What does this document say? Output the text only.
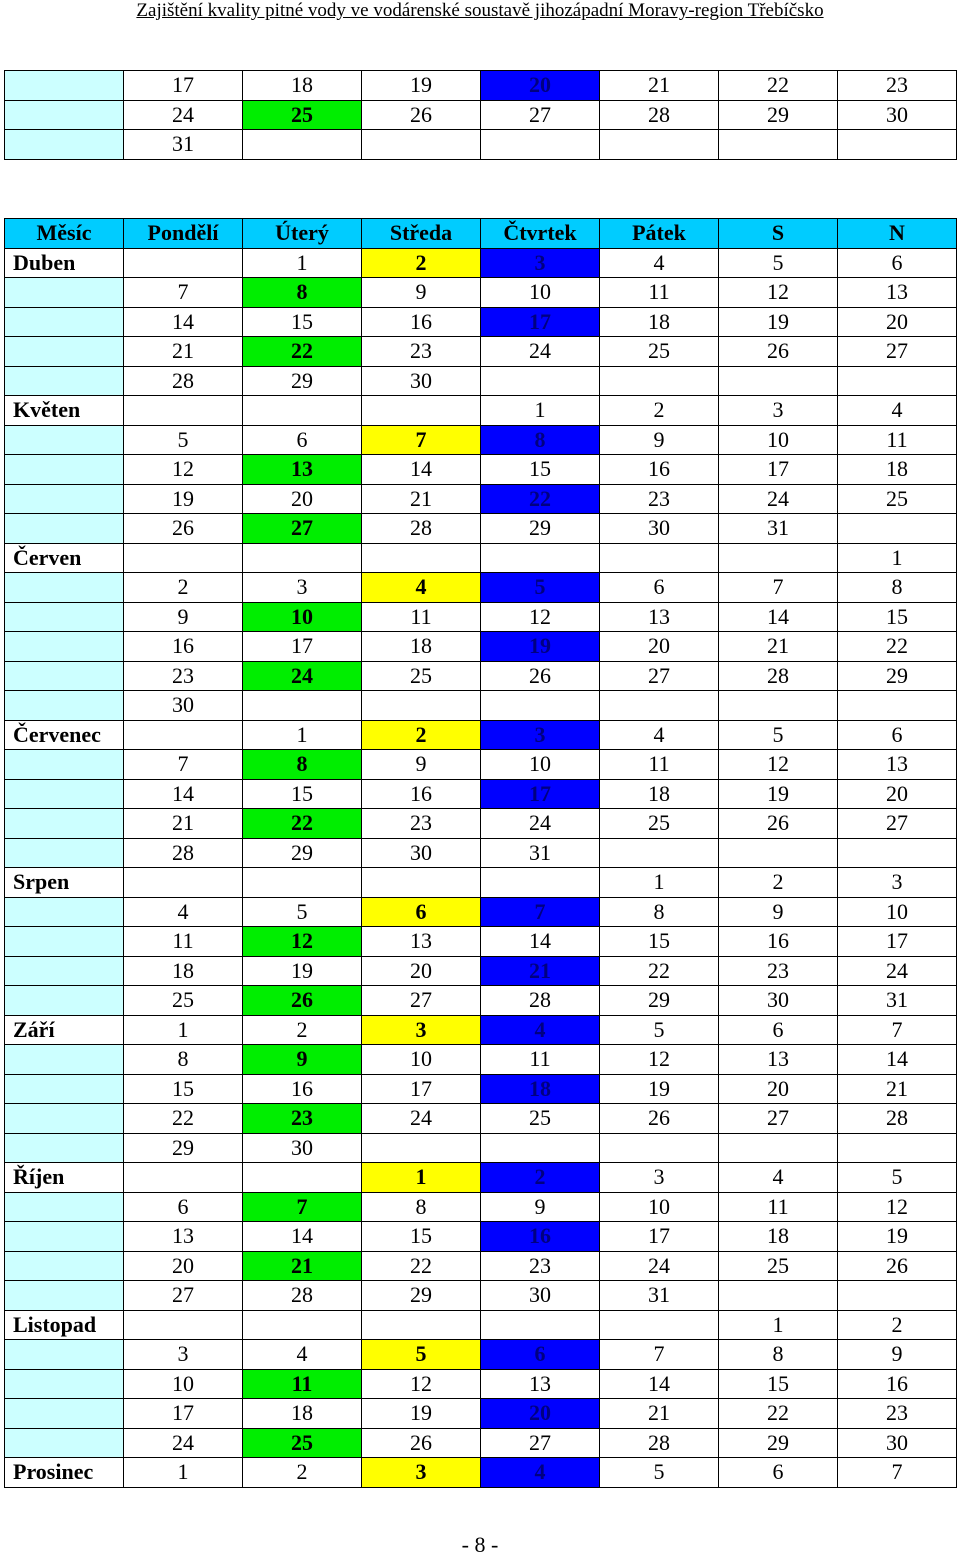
Zajištění kvality pitné vody ve vodárenské soustavě jihozápadní Moravy-region Třebíčsko
	17	18	19	20	21	22	23
	24	25	26	27	28	29	30
	31						
Měsíc	Pondělí	Úterý	Středa	Čtvrtek	Pátek	S	N
Duben		1	2	3	4	5	6
	7	8	9	10	11	12	13
	14	15	16	17	18	19	20
	21	22	23	24	25	26	27
	28	29	30				
Květen				1	2	3	4
	5	6	7	8	9	10	11
	12	13	14	15	16	17	18
	19	20	21	22	23	24	25
	26	27	28	29	30	31	
Červen							1
	2	3	4	5	6	7	8
	9	10	11	12	13	14	15
	16	17	18	19	20	21	22
	23	24	25	26	27	28	29
	30						
Červenec		1	2	3	4	5	6
	7	8	9	10	11	12	13
	14	15	16	17	18	19	20
	21	22	23	24	25	26	27
	28	29	30	31			
Srpen					1	2	3
	4	5	6	7	8	9	10
	11	12	13	14	15	16	17
	18	19	20	21	22	23	24
	25	26	27	28	29	30	31
Září	1	2	3	4	5	6	7
	8	9	10	11	12	13	14
	15	16	17	18	19	20	21
	22	23	24	25	26	27	28
	29	30					
Říjen			1	2	3	4	5
	6	7	8	9	10	11	12
	13	14	15	16	17	18	19
	20	21	22	23	24	25	26
	27	28	29	30	31		
Listopad						1	2
	3	4	5	6	7	8	9
	10	11	12	13	14	15	16
	17	18	19	20	21	22	23
	24	25	26	27	28	29	30
Prosinec	1	2	3	4	5	6	7
- 8 -
